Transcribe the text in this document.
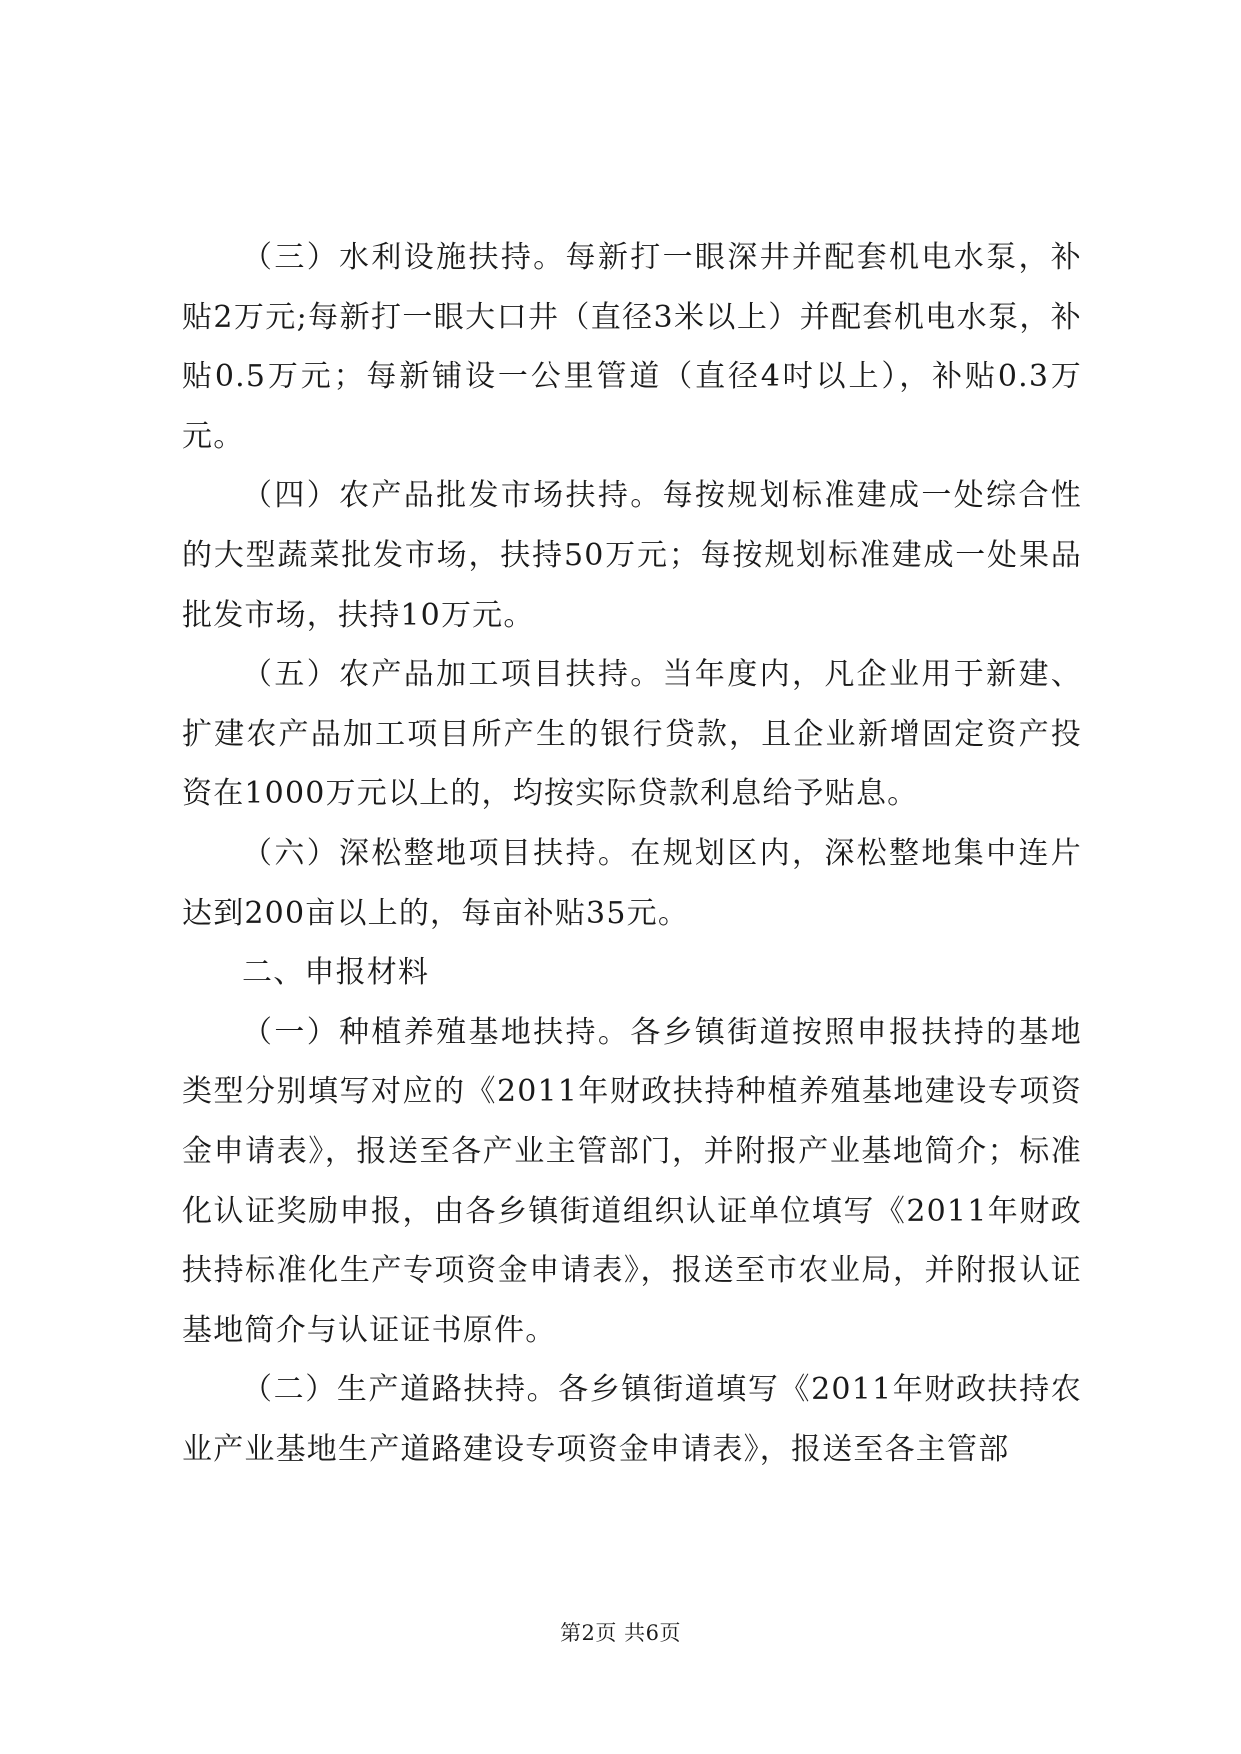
（三）水利设施扶持。每新打一眼深井并配套机电水泵，补贴2万元;每新打一眼大口井（直径3米以上）并配套机电水泵，补贴0.5万元；每新铺设一公里管道（直径4吋以上），补贴0.3万元。

（四）农产品批发市场扶持。每按规划标准建成一处综合性的大型蔬菜批发市场，扶持50万元；每按规划标准建成一处果品批发市场，扶持10万元。

（五）农产品加工项目扶持。当年度内，凡企业用于新建、扩建农产品加工项目所产生的银行贷款，且企业新增固定资产投资在1000万元以上的，均按实际贷款利息给予贴息。

（六）深松整地项目扶持。在规划区内，深松整地集中连片达到200亩以上的，每亩补贴35元。

二、申报材料

（一）种植养殖基地扶持。各乡镇街道按照申报扶持的基地类型分别填写对应的《2011年财政扶持种植养殖基地建设专项资金申请表》，报送至各产业主管部门，并附报产业基地简介；标准化认证奖励申报，由各乡镇街道组织认证单位填写《2011年财政扶持标准化生产专项资金申请表》，报送至市农业局，并附报认证基地简介与认证证书原件。

（二）生产道路扶持。各乡镇街道填写《2011年财政扶持农业产业基地生产道路建设专项资金申请表》，报送至各主管部

第2页 共6页
